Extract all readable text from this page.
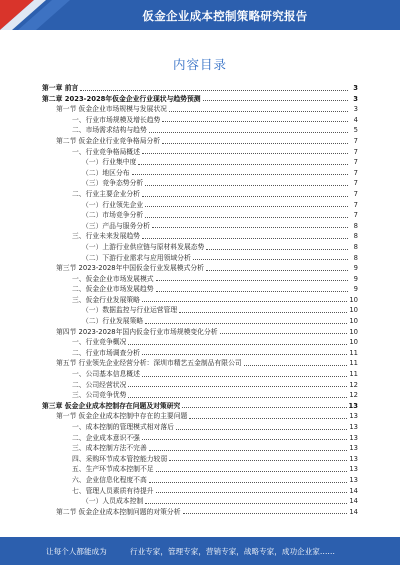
仮金企业成本控制策略研究报告
内容目录
第一章 前言	3
第二章 2023-2028年仮金企业行业现状与趋势预测	3
第一节 仮金企业市场规模与发展状况	3
一、行业市场规模及增长趋势	4
二、市场需求结构与趋势	5
第二节 仮金企业行业竞争格局分析	7
一、行业竞争格局概述	7
（一）行业集中度	7
（二）地区分布	7
（三）竞争态势分析	7
二、行业主要企业分析	7
（一）行业领先企业	7
（二）市场竞争分析	7
（三）产品与服务分析	8
三、行业未来发展趋势	8
（一）上游行业供应链与原材料发展态势	8
（二）下游行业需求与应用领域分析	8
第三节 2023-2028年中国仮金行业发展模式分析	9
一、仮金企业市场发展模式	9
二、仮金企业市场发展趋势	9
三、仮金行业发展策略	10
（一）数据监控与行业运营管理	10
（二）行业发展策略	10
第四节 2023-2028年国内仮金行业市场规模变化分析	10
一、行业竞争概况	10
二、行业市场调查分析	11
第五节 行业领先企业经营分析：深圳市精艺五金制品有限公司	11
一、公司基本信息概述	11
二、公司经营状况	12
三、公司竞争优势	12
第三章 仮金企业成本控制存在问题及对策研究	13
第一节 仮金企业成本控制中存在的主要问题	13
一、成本控制的管理模式相对落后	13
二、企业成本意识不强	13
三、成本控制方法不完善	13
四、采购环节成本管控能力较弱	13
五、生产环节成本控制不足	13
六、企业信息化程度不高	13
七、管理人员素质有待提升	14
（一）人员成本控制	14
第二节 仮金企业成本控制问题的对策分析	14
让每个人都能成为	行业专家，管理专家，营销专家，战略专家，成功企业家……
